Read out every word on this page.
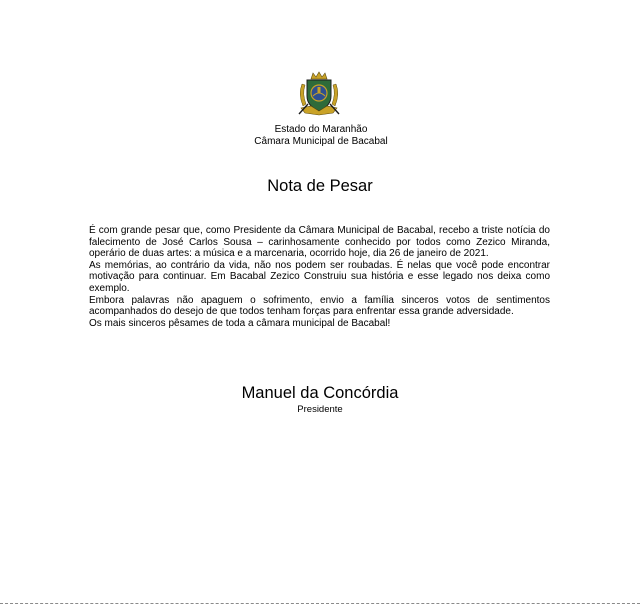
Estado do Maranhão
Câmara Municipal de Bacabal
Nota de Pesar

É com grande pesar que, como Presidente da Câmara Municipal de Bacabal, recebo a triste notícia do falecimento de José Carlos Sousa – carinhosamente conhecido por todos como Zezico Miranda, operário de duas artes: a música e a marcenaria, ocorrido hoje, dia 26 de janeiro de 2021.

As memórias, ao contrário da vida, não nos podem ser roubadas. É nelas que você pode encontrar motivação para continuar. Em Bacabal Zezico Construiu sua história e esse legado nos deixa como exemplo.

Embora palavras não apaguem o sofrimento, envio a família sinceros votos de sentimentos acompanhados do desejo de que todos tenham forças para enfrentar essa grande adversidade.

Os mais sinceros pêsames de toda a câmara municipal de Bacabal!

Manuel da Concórdia
Presidente
